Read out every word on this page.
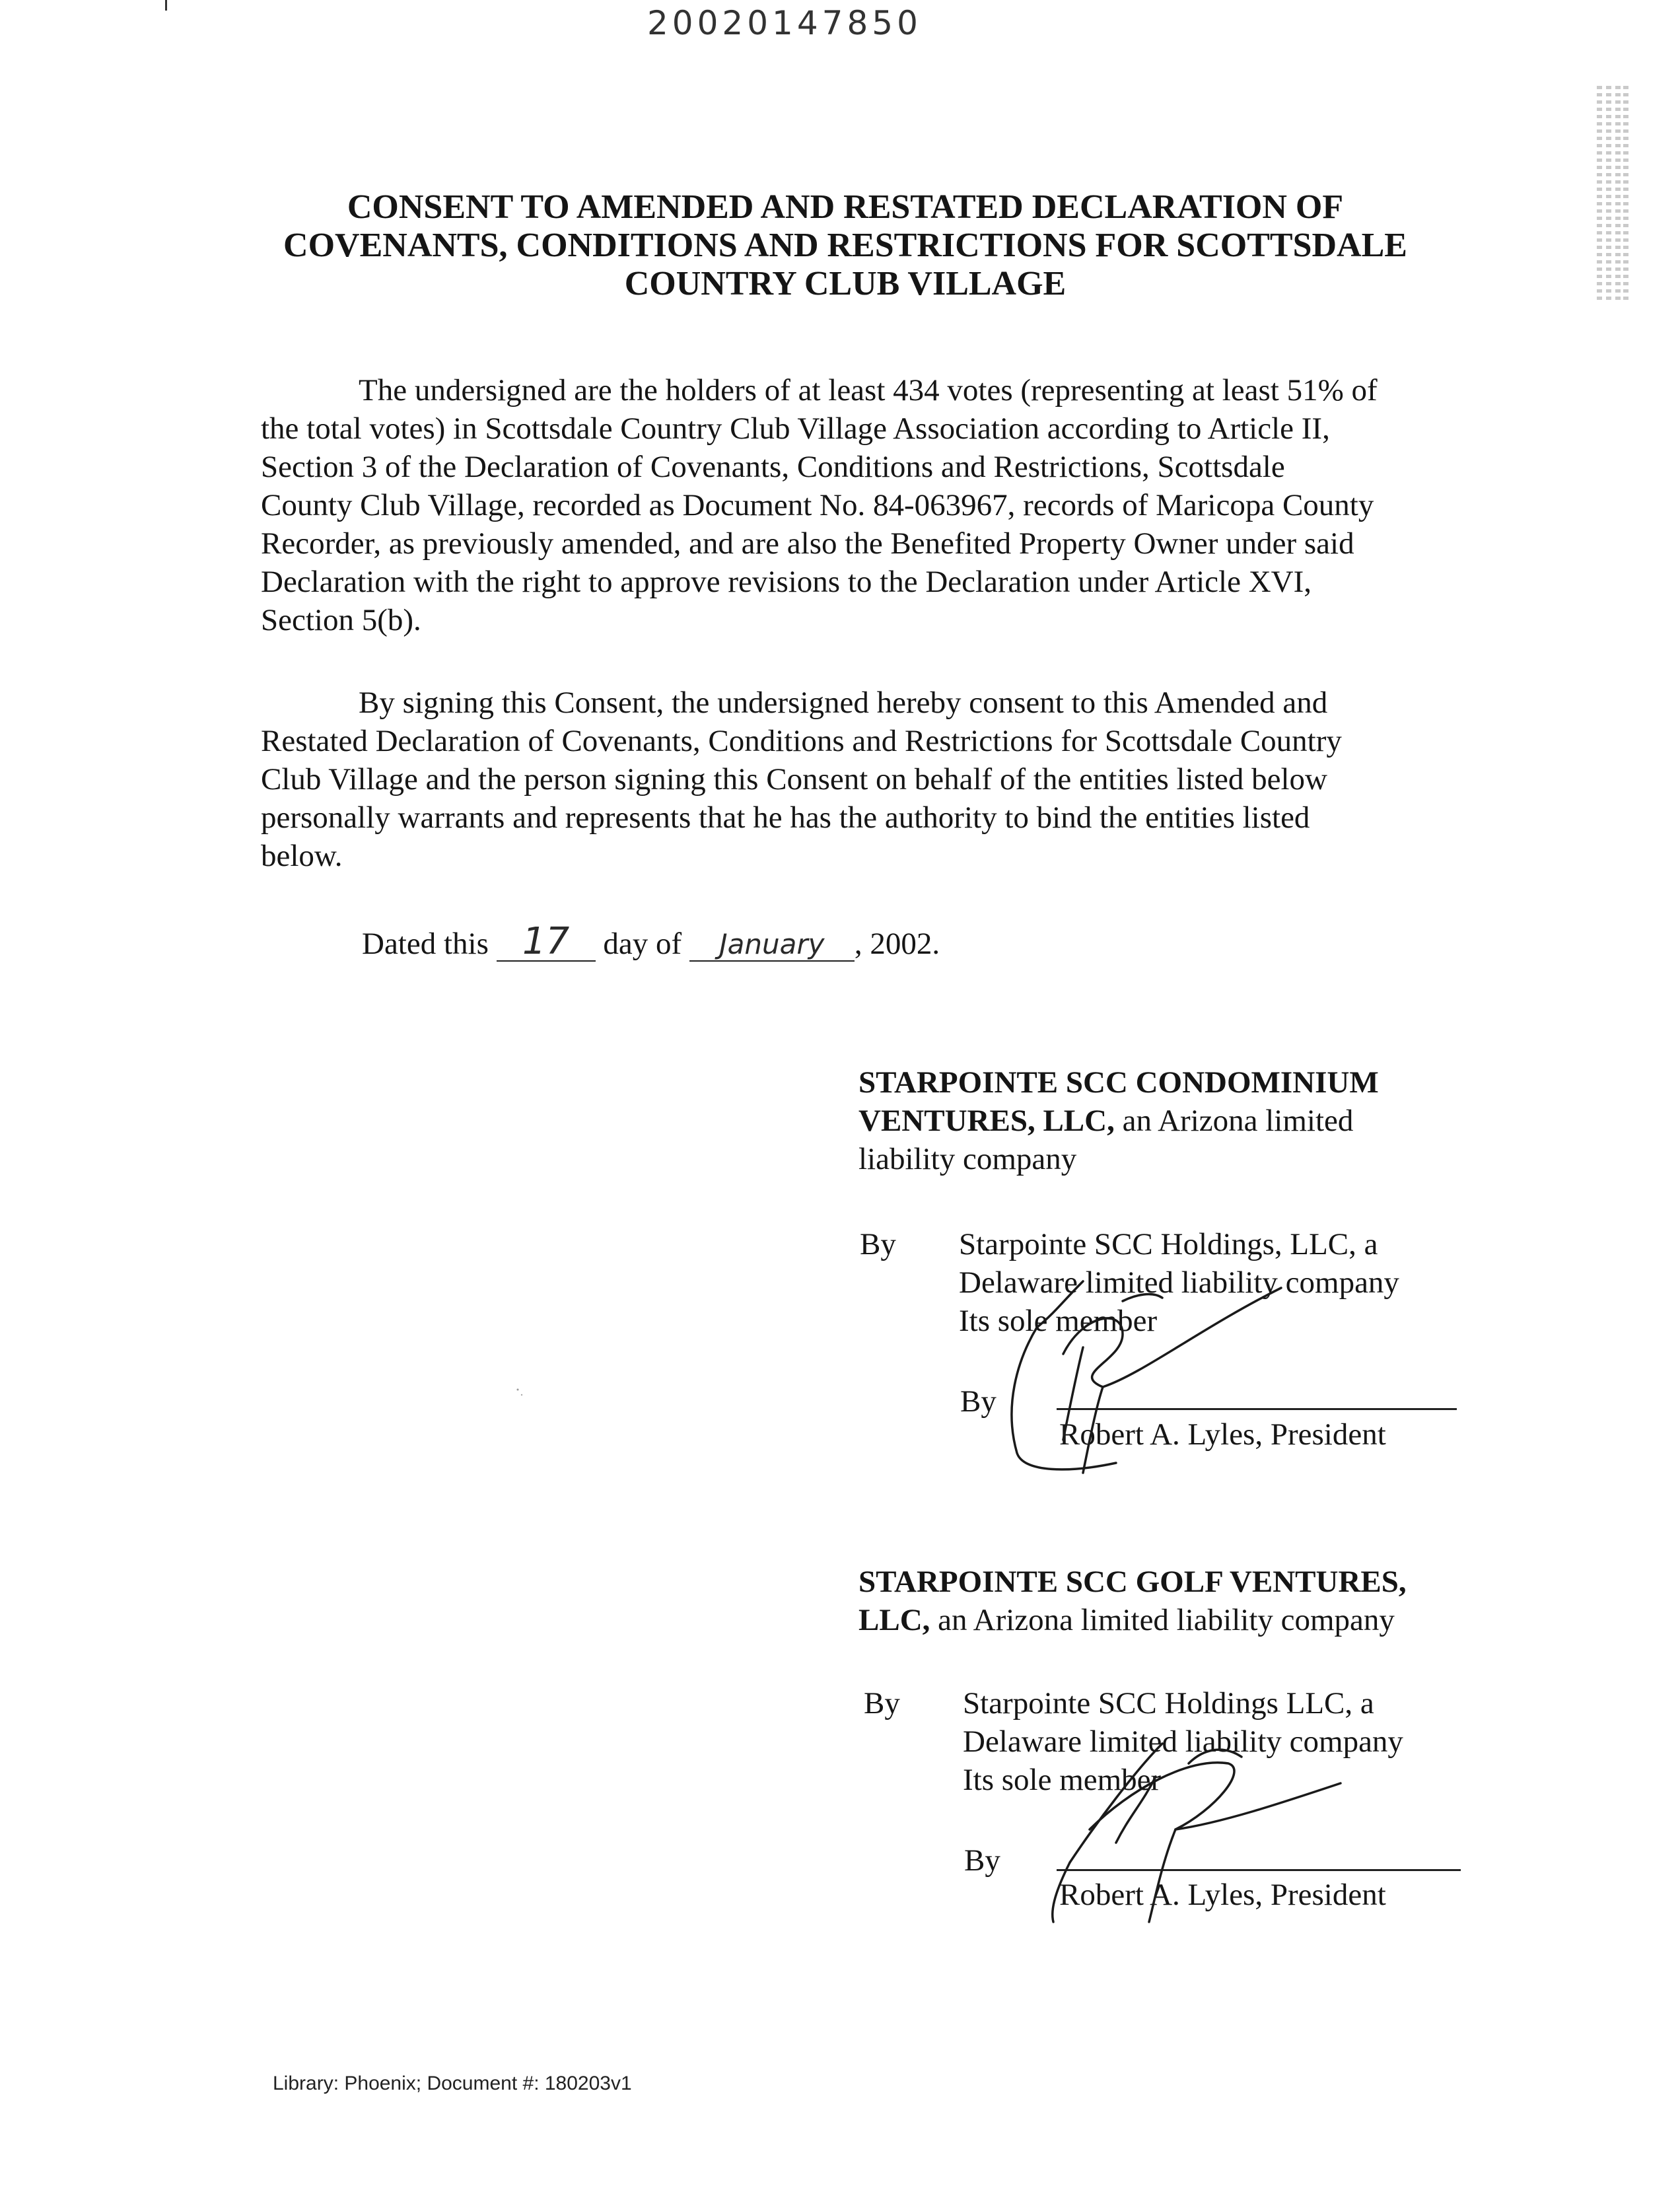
20020147850
CONSENT TO AMENDED AND RESTATED DECLARATION OF
COVENANTS, CONDITIONS AND RESTRICTIONS FOR SCOTTSDALE
COUNTRY CLUB VILLAGE
The undersigned are the holders of at least 434 votes (representing at least 51% of
the total votes) in Scottsdale Country Club Village Association according to Article II,
Section 3 of the Declaration of Covenants, Conditions and Restrictions, Scottsdale
County Club Village, recorded as Document No. 84-063967, records of Maricopa County
Recorder, as previously amended, and are also the Benefited Property Owner under said
Declaration with the right to approve revisions to the Declaration under Article XVI,
Section 5(b).
By signing this Consent, the undersigned hereby consent to this Amended and
Restated Declaration of Covenants, Conditions and Restrictions for Scottsdale Country
Club Village and the person signing this Consent on behalf of the entities listed below
personally warrants and represents that he has the authority to bind the entities listed
below.
Dated this 17 day of January , 2002.
STARPOINTE SCC CONDOMINIUM
VENTURES, LLC, an Arizona limited
liability company
By Starpointe SCC Holdings, LLC, a
Delaware limited liability company
Its sole member
By
Robert A. Lyles, President
STARPOINTE SCC GOLF VENTURES,
LLC, an Arizona limited liability company
By Starpointe SCC Holdings LLC, a
Delaware limited liability company
Its sole member
By
Robert A. Lyles, President
Library: Phoenix; Document #: 180203v1
